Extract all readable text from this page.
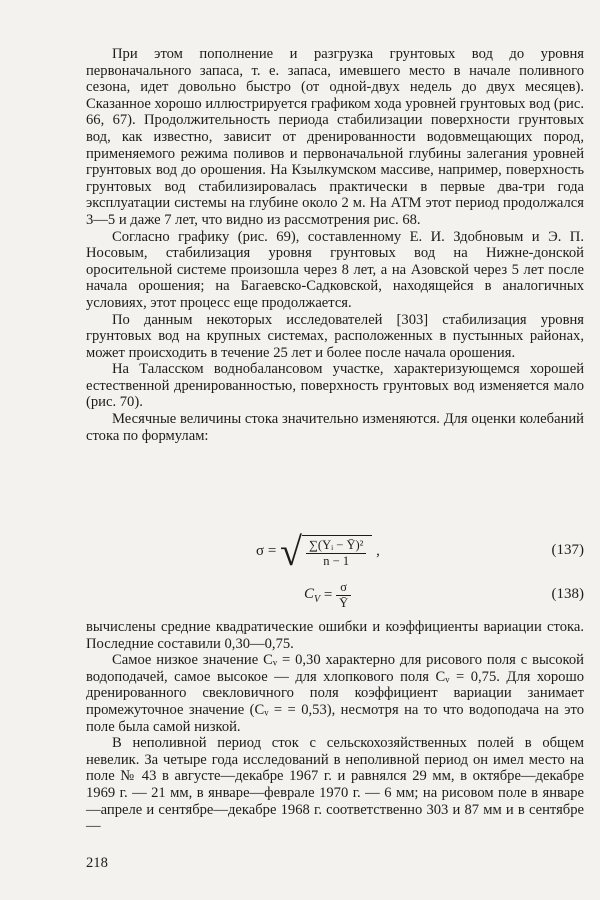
При этом пополнение и разгрузка грунтовых вод до уровня первоначального запаса, т. е. запаса, имевшего место в начале поливного сезона, идет довольно быстро (от одной-двух недель до двух месяцев). Сказанное хорошо иллюстрируется графиком хода уровней грунтовых вод (рис. 66, 67). Продолжительность периода стабилизации поверхности грунтовых вод, как известно, зависит от дренированности водовмещающих пород, применяемого режима поливов и первоначальной глубины залегания уровней грунтовых вод до орошения. На Кзылкумском массиве, например, поверхность грунтовых вод стабилизировалась практически в первые два-три года эксплуатации системы на глубине около 2 м. На АТМ этот период продолжался 3—5 и даже 7 лет, что видно из рассмотрения рис. 68.

Согласно графику (рис. 69), составленному Е. И. Здобновым и Э. П. Носовым, стабилизация уровня грунтовых вод на Нижне-донской оросительной системе произошла через 8 лет, а на Азовской через 5 лет после начала орошения; на Багаевско-Садковской, находящейся в аналогичных условиях, этот процесс еще продолжается.

По данным некоторых исследователей [303] стабилизация уровня грунтовых вод на крупных системах, расположенных в пустынных районах, может происходить в течение 25 лет и более после начала орошения.

На Таласском воднобалансовом участке, характеризующемся хорошей естественной дренированностью, поверхность грунтовых вод изменяется мало (рис. 70).

Месячные величины стока значительно изменяются. Для оценки колебаний стока по формулам:

σ = √ $\frac{\text{∑(Yᵢ − Ȳ)²}}{n - 1}$ ,	(137)
$C_V = \frac{\sigma}{Ȳ}$	(138)

вычислены средние квадратические ошибки и коэффициенты вариации стока. Последние составили 0,30—0,75.

Самое низкое значение Cᵥ = 0,30 характерно для рисового поля с высокой водоподачей, самое высокое — для хлопкового поля Cᵥ = 0,75. Для хорошо дренированного свекловичного поля коэффициент вариации занимает промежуточное значение (Cᵥ = = 0,53), несмотря на то что водоподача на это поле была самой низкой.

В неполивной период сток с сельскохозяйственных полей в общем невелик. За четыре года исследований в неполивной период он имел место на поле № 43 в августе—декабре 1967 г. и равнялся 29 мм, в октябре—декабре 1969 г. — 21 мм, в январе—феврале 1970 г. — 6 мм; на рисовом поле в январе—апреле и сентябре—декабре 1968 г. соответственно 303 и 87 мм и в сентябре—

218
